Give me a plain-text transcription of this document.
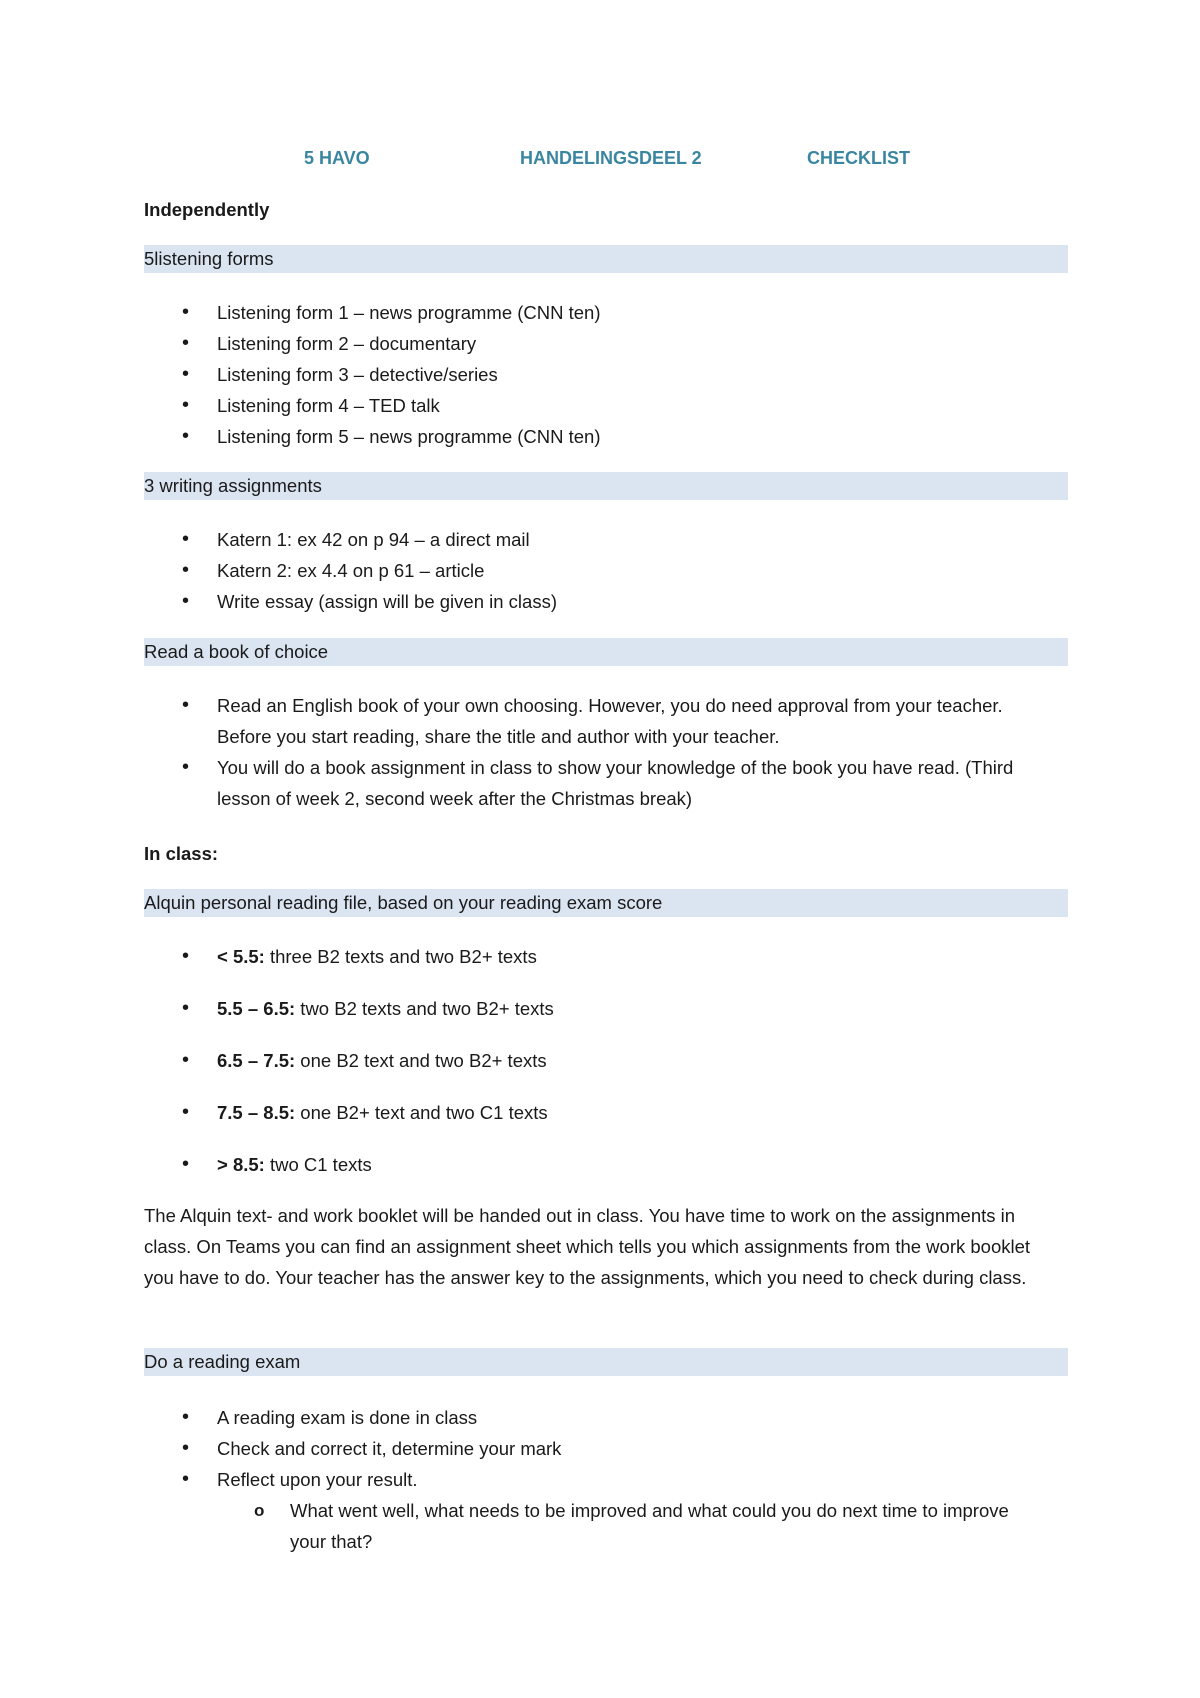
5 HAVO	HANDELINGSDEEL 2	CHECKLIST
Independently
5listening forms
• Listening form 1 – news programme (CNN ten)
• Listening form 2 – documentary
• Listening form 3 – detective/series
• Listening form 4 – TED talk
• Listening form 5 – news programme (CNN ten)
3 writing assignments
• Katern 1: ex 42 on p 94 – a direct mail
• Katern 2: ex 4.4 on p 61 – article
• Write essay (assign will be given in class)
Read a book of choice
• Read an English book of your own choosing. However, you do need approval from your teacher. Before you start reading, share the title and author with your teacher.
• You will do a book assignment in class to show your knowledge of the book you have read. (Third lesson of week 2, second week after the Christmas break)
In class:
Alquin personal reading file, based on your reading exam score
• < 5.5: three B2 texts and two B2+ texts
• 5.5 – 6.5: two B2 texts and two B2+ texts
• 6.5 – 7.5: one B2 text and two B2+ texts
• 7.5 – 8.5: one B2+ text and two C1 texts
• > 8.5: two C1 texts
The Alquin text- and work booklet will be handed out in class. You have time to work on the assignments in class. On Teams you can find an assignment sheet which tells you which assignments from the work booklet you have to do. Your teacher has the answer key to the assignments, which you need to check during class.
Do a reading exam
• A reading exam is done in class
• Check and correct it, determine your mark
• Reflect upon your result.
o What went well, what needs to be improved and what could you do next time to improve your that?
